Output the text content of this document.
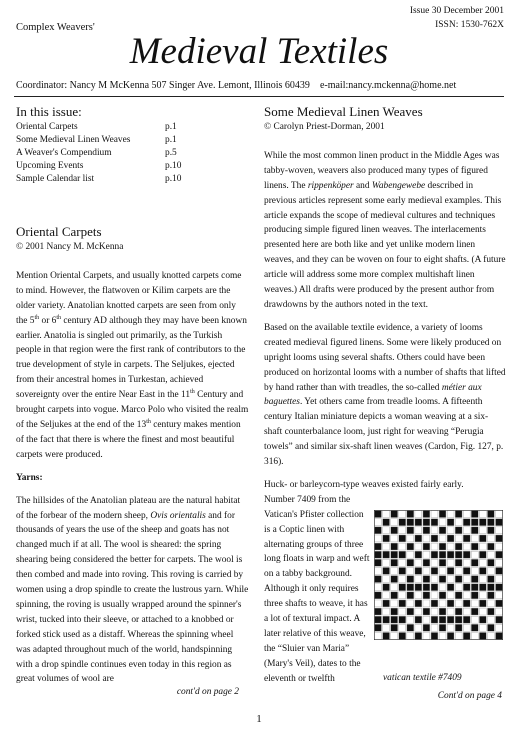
Complex Weavers'
Issue 30 December 2001
ISSN: 1530-762X
Medieval Textiles
Coordinator: Nancy M McKenna 507 Singer Ave. Lemont, Illinois 60439 e-mail:nancy.mckenna@home.net
In this issue:
Oriental Carpets	p.1
Some Medieval Linen Weaves	p.1
A Weaver's Compendium	p.5
Upcoming Events	p.10
Sample Calendar list	p.10
Oriental Carpets
© 2001 Nancy M. McKenna

Mention Oriental Carpets, and usually knotted carpets come to mind. However, the flatwoven or Kilim carpets are the older variety. Anatolian knotted carpets are seen from only the 5th or 6th century AD although they may have been known earlier. Anatolia is singled out primarily, as the Turkish people in that region were the first rank of contributors to the true development of style in carpets. The Seljukes, ejected from their ancestral homes in Turkestan, achieved sovereignty over the entire Near East in the 11th Century and brought carpets into vogue. Marco Polo who visited the realm of the Seljukes at the end of the 13th century makes mention of the fact that there is where the finest and most beautiful carpets were produced.

Yarns:

The hillsides of the Anatolian plateau are the natural habitat of the forbear of the modern sheep, Ovis orientalis and for thousands of years the use of the sheep and goats has not changed much if at all. The wool is sheared: the spring shearing being considered the better for carpets. The wool is then combed and made into roving. This roving is carried by women using a drop spindle to create the lustrous yarn. While spinning, the roving is usually wrapped around the spinner's wrist, tucked into their sleeve, or attached to a knobbed or forked stick used as a distaff. Whereas the spinning wheel was adapted throughout much of the world, handspinning with a drop spindle continues even today in this region as great volumes of wool are

cont'd on page 2
Some Medieval Linen Weaves
© Carolyn Priest-Dorman, 2001

While the most common linen product in the Middle Ages was tabby-woven, weavers also produced many types of figured linens. The rippenköper and Wabengewebe described in previous articles represent some early medieval examples. This article expands the scope of medieval cultures and techniques producing simple figured linen weaves. The interlacements presented here are both like and yet unlike modern linen weaves, and they can be woven on four to eight shafts. (A future article will address some more complex multishaft linen weaves.) All drafts were produced by the present author from drawdowns by the authors noted in the text.

Based on the available textile evidence, a variety of looms created medieval figured linens. Some were likely produced on upright looms using several shafts. Others could have been produced on horizontal looms with a number of shafts that lifted by hand rather than with treadles, the so-called métier aux baguettes. Yet others came from treadle looms. A fifteenth century Italian miniature depicts a woman weaving at a six-shaft counterbalance loom, just right for weaving “Perugia towels” and similar six-shaft linen weaves (Cardon, Fig. 127, p. 316).

Huck- or barleycorn-type weaves existed fairly early.

Number 7409 from the Vatican's Pfister collection is a Coptic linen with alternating groups of three long floats in warp and weft on a tabby background. Although it only requires three shafts to weave, it has a lot of textural impact. A later relative of this weave, the “Sluier van Maria” (Mary's Veil), dates to the eleventh or twelfth	vatican textile #7409
Cont'd on page 4
1
